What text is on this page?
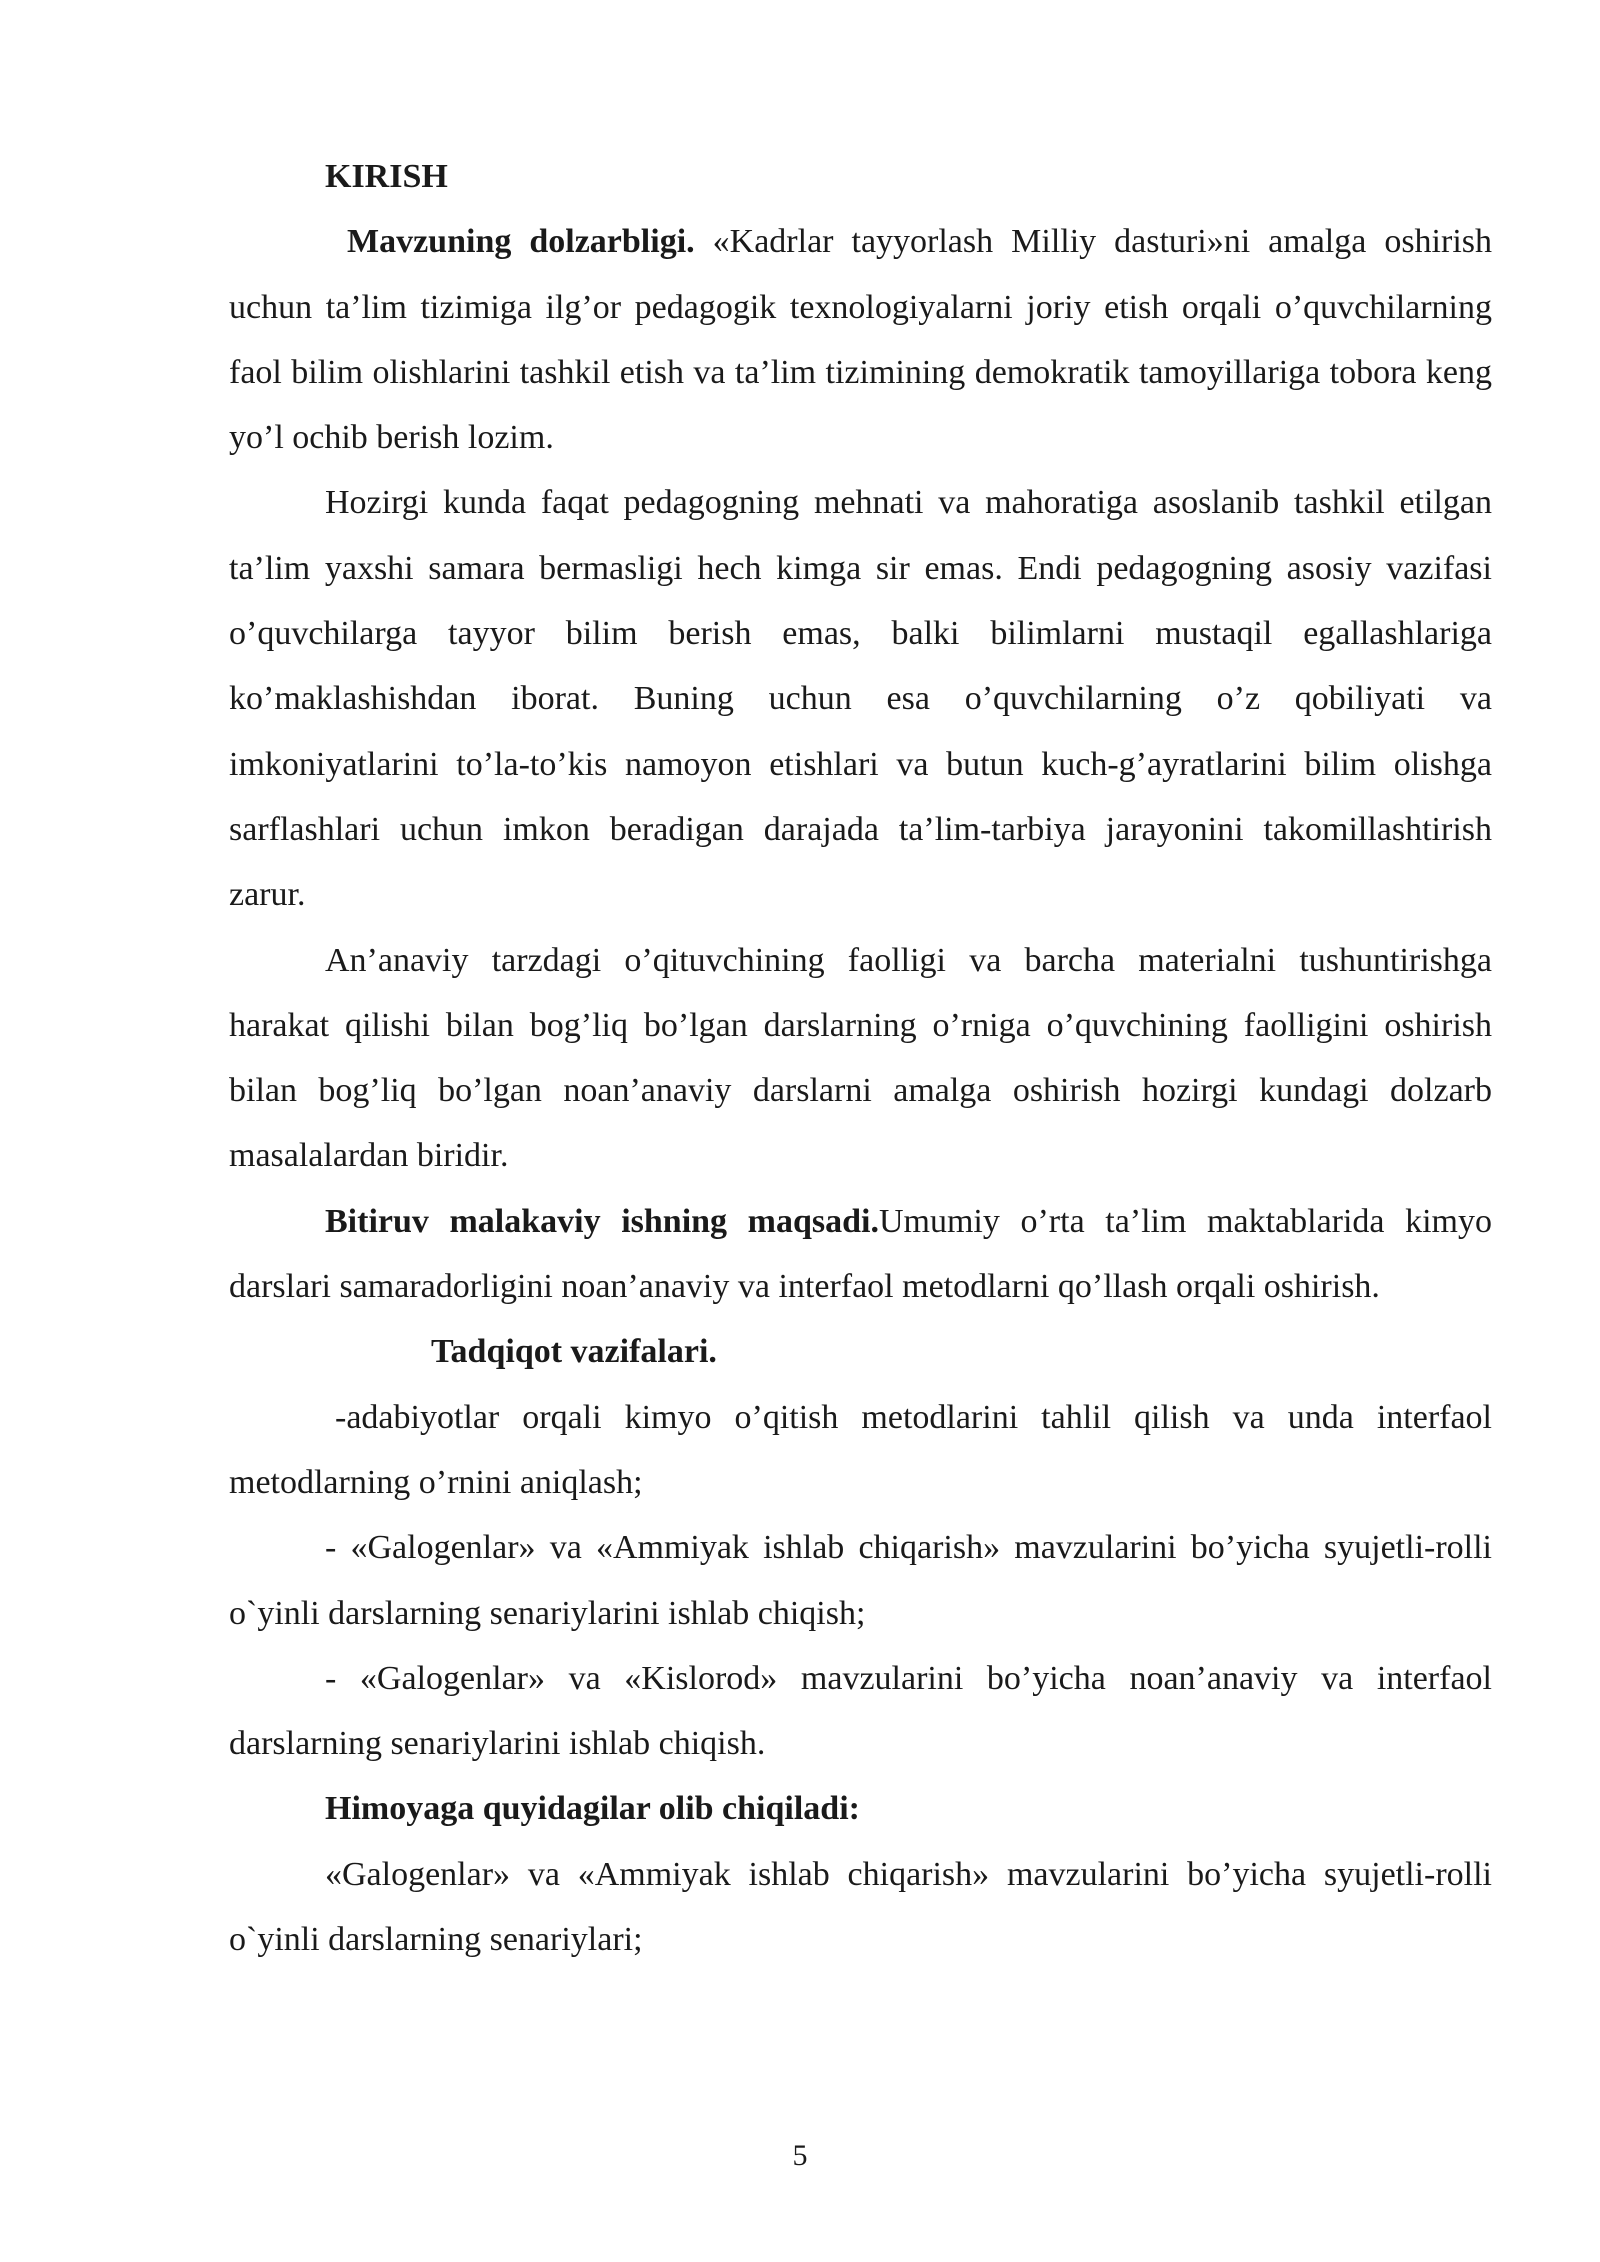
KIRISH

Mavzuning dolzarbligi. «Kadrlar tayyorlash Milliy dasturi»ni amalga oshirish uchun ta’lim tizimiga ilg’or pedagogik texnologiyalarni joriy etish orqali o’quvchilarning faol bilim olishlarini tashkil etish va ta’lim tizimining demokratik tamoyillariga tobora keng yo’l ochib berish lozim.

Hozirgi kunda faqat pedagogning mehnati va mahoratiga asoslanib tashkil etilgan ta’lim yaxshi samara bermasligi hech kimga sir emas. Endi pedagogning asosiy vazifasi o’quvchilarga tayyor bilim berish emas, balki bilimlarni mustaqil egallashlariga ko’maklashishdan iborat. Buning uchun esa o’quvchilarning o’z qobiliyati va imkoniyatlarini to’la-to’kis namoyon etishlari va butun kuch-g’ayratlarini bilim olishga sarflashlari uchun imkon beradigan darajada ta’lim-tarbiya jarayonini takomillashtirish zarur.

An’anaviy tarzdagi o’qituvchining faolligi va barcha materialni tushuntirishga harakat qilishi bilan bog’liq bo’lgan darslarning o’rniga o’quvchining faolligini oshirish bilan bog’liq bo’lgan noan’anaviy darslarni amalga oshirish hozirgi kundagi dolzarb masalalardan biridir.

Bitiruv malakaviy ishning maqsadi.Umumiy o’rta ta’lim maktablarida kimyo darslari samaradorligini noan’anaviy va interfaol metodlarni qo’llash orqali oshirish.

Tadqiqot vazifalari.

-adabiyotlar orqali kimyo o’qitish metodlarini tahlil qilish va unda interfaol metodlarning o’rnini aniqlash;

- «Galogenlar» va «Ammiyak ishlab chiqarish» mavzularini bo’yicha syujetli-rolli o`yinli darslarning senariylarini ishlab chiqish;

- «Galogenlar» va «Kislorod» mavzularini bo’yicha noan’anaviy va interfaol darslarning senariylarini ishlab chiqish.

Himoyaga quyidagilar olib chiqiladi:

«Galogenlar» va «Ammiyak ishlab chiqarish» mavzularini bo’yicha syujetli-rolli o`yinli darslarning senariylari;

5
